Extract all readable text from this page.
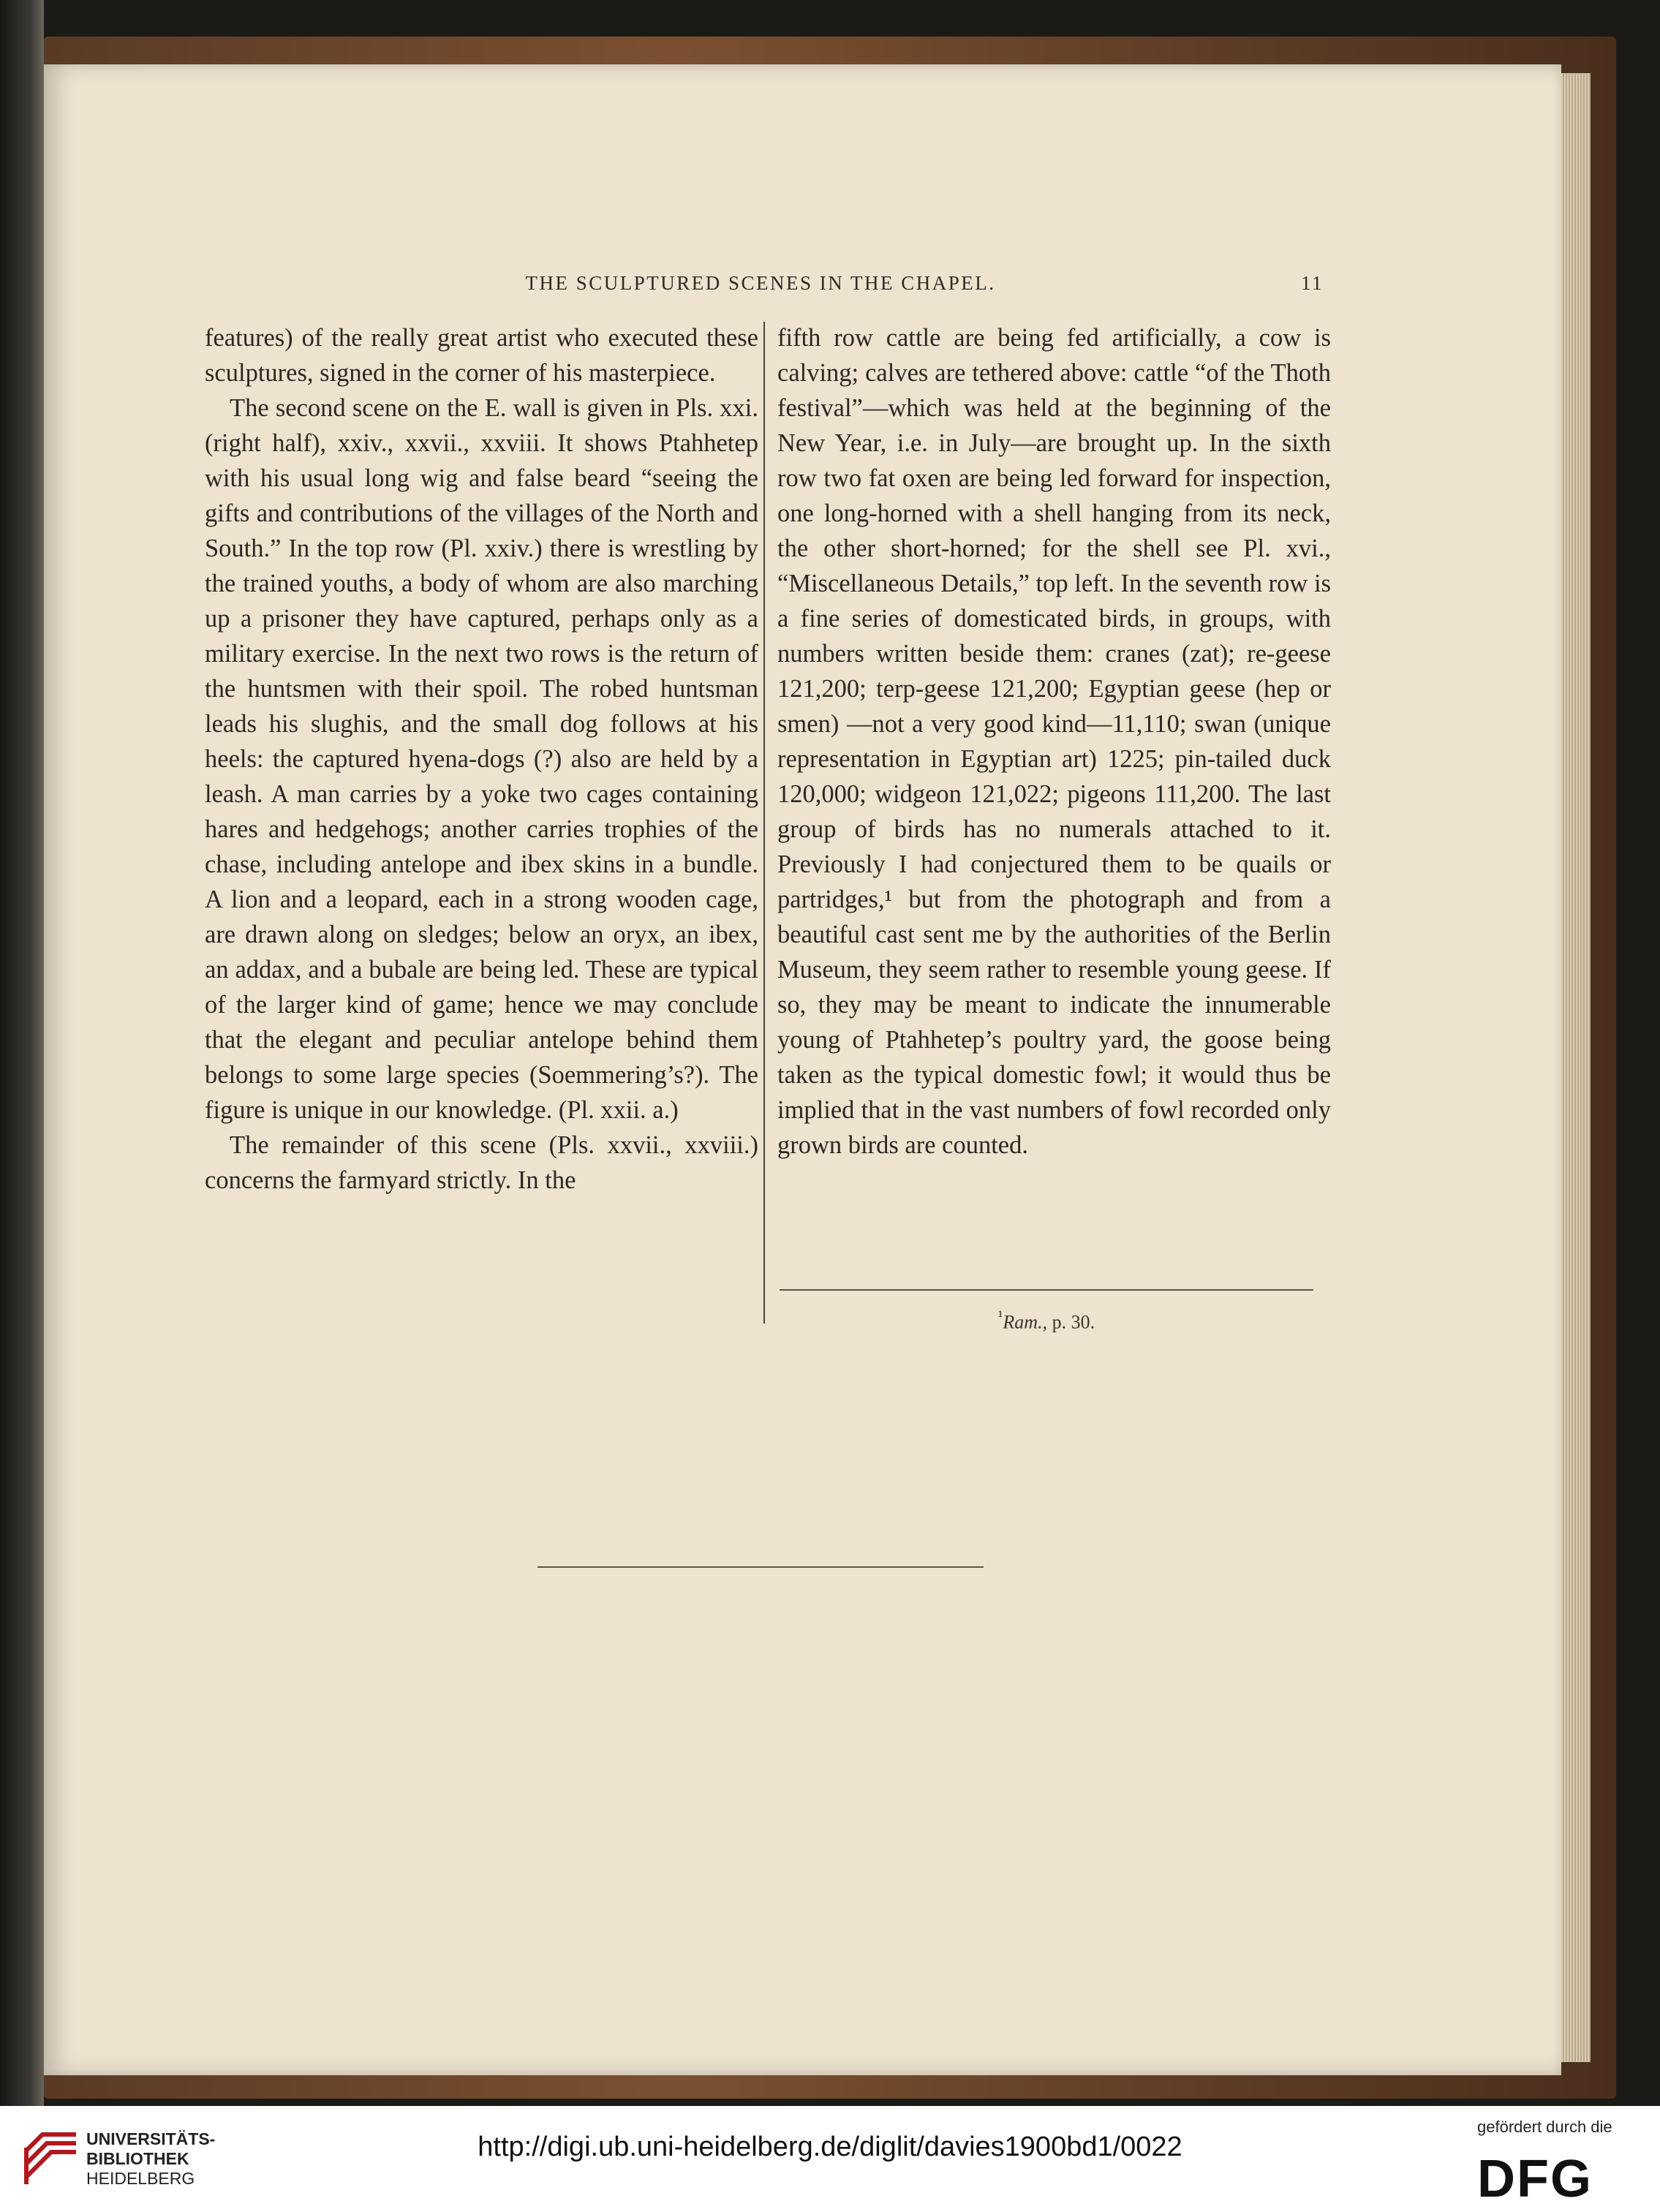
THE SCULPTURED SCENES IN THE CHAPEL.	11

features) of the really great artist who executed these sculptures, signed in the corner of his masterpiece.

The second scene on the E. wall is given in Pls. xxi. (right half), xxiv., xxvii., xxviii. It shows Ptahhetep with his usual long wig and false beard “seeing the gifts and contributions of the villages of the North and South.” In the top row (Pl. xxiv.) there is wrestling by the trained youths, a body of whom are also marching up a prisoner they have captured, perhaps only as a military exercise. In the next two rows is the return of the huntsmen with their spoil. The robed huntsman leads his slughis, and the small dog follows at his heels: the captured hyena-dogs (?) also are held by a leash. A man carries by a yoke two cages containing hares and hedgehogs; another carries trophies of the chase, including antelope and ibex skins in a bundle. A lion and a leopard, each in a strong wooden cage, are drawn along on sledges; below an oryx, an ibex, an addax, and a bubale are being led. These are typical of the larger kind of game; hence we may conclude that the elegant and peculiar antelope behind them belongs to some large species (Soemmering’s?). The figure is unique in our knowledge. (Pl. xxii. a.)

The remainder of this scene (Pls. xxvii., xxviii.) concerns the farmyard strictly. In the

fifth row cattle are being fed artificially, a cow is calving; calves are tethered above: cattle “of the Thoth festival”—which was held at the beginning of the New Year, i.e. in July—are brought up. In the sixth row two fat oxen are being led forward for inspection, one long-horned with a shell hanging from its neck, the other short-horned; for the shell see Pl. xvi., “Miscellaneous Details,” top left. In the seventh row is a fine series of domesticated birds, in groups, with numbers written beside them: cranes (zat); re-geese 121,200; terp-geese 121,200; Egyptian geese (hep or smen) —not a very good kind—11,110; swan (unique representation in Egyptian art) 1225; pin-tailed duck 120,000; widgeon 121,022; pigeons 111,200. The last group of birds has no numerals attached to it. Previously I had conjectured them to be quails or partridges,¹ but from the photograph and from a beautiful cast sent me by the authorities of the Berlin Museum, they seem rather to resemble young geese. If so, they may be meant to indicate the innumerable young of Ptahhetep’s poultry yard, the goose being taken as the typical domestic fowl; it would thus be implied that in the vast numbers of fowl recorded only grown birds are counted.

$^{^1}$Ram., p. 30.
UNIVERSITÄTS-
BIBLIOTHEK
HEIDELBERG
http://digi.ub.uni-heidelberg.de/diglit/davies1900bd1/0022
gefördert durch die
DFG
